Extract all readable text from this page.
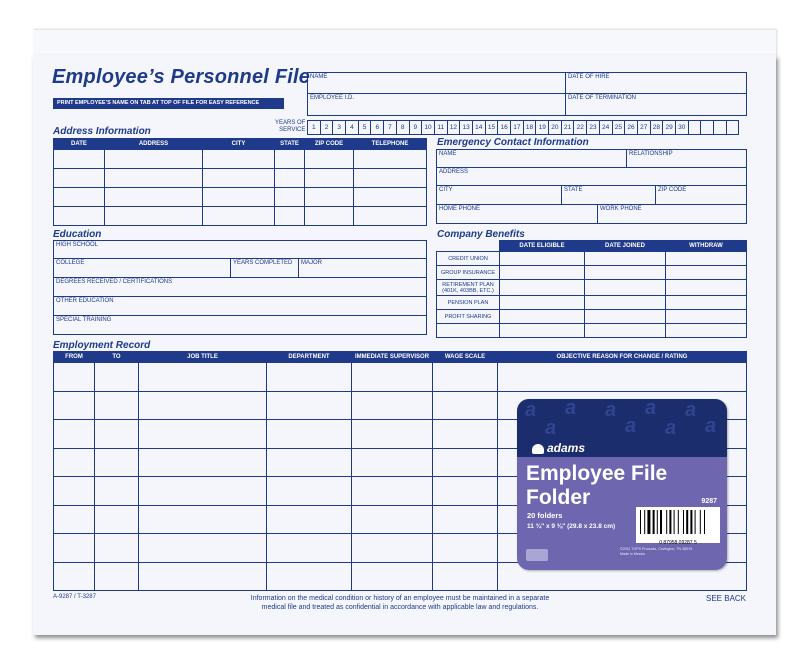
Employee’s Personnel File
PRINT EMPLOYEE’S NAME ON TAB AT TOP OF FILE FOR EASY REFERENCE
NAME
EMPLOYEE I.D.
DATE OF HIRE
DATE OF TERMINATION
YEARS OF
SERVICE 1	2	3	4	5	6	7	8	9	10	11	12	13	14	15	16	17	18	19	20	21	22	23	24	25	26	27	28	29	30				
Address Information
DATE	ADDRESS	CITY	STATE	ZIP CODE	TELEPHONE

						Emergency Contact Information
NAME	RELATIONSHIP
ADDRESS
CITY	STATE	ZIP CODE
HOME PHONE	WORK PHONE
Education
HIGH SCHOOL
COLLEGE	YEARS COMPLETED MAJOR
DEGREES RECEIVED / CERTIFICATIONS
OTHER EDUCATION
SPECIAL TRAINING
Company Benefits
	DATE ELIGIBLE	DATE JOINED	WITHDRAW
CREDIT UNION			
GROUP INSURANCE			
RETIREMENT PLAN
(401K, 403BB, ETC.)			
PENSION PLAN			
PROFIT SHARING			

Employment Record
FROM	TO	JOB TITLE	DEPARTMENT	IMMEDIATE SUPERVISOR	WAGE SCALE	OBJECTIVE REASON FOR CHANGE / RATING

A-9287 / T-3287	Information on the medical condition or history of an employee must be maintained in a separate
medical file and treated as confidential in accordance with applicable law and regulations.
SEE BACK
a a a a a
a	a a a
adams
Employee File
Folder	9287
20 folders
11 ¾" x 9 ⅜" (29.8 x 23.8 cm)
0 87958 09287 5
©2011 TOPS Products, Covington, TN 38019
Made in Mexico
